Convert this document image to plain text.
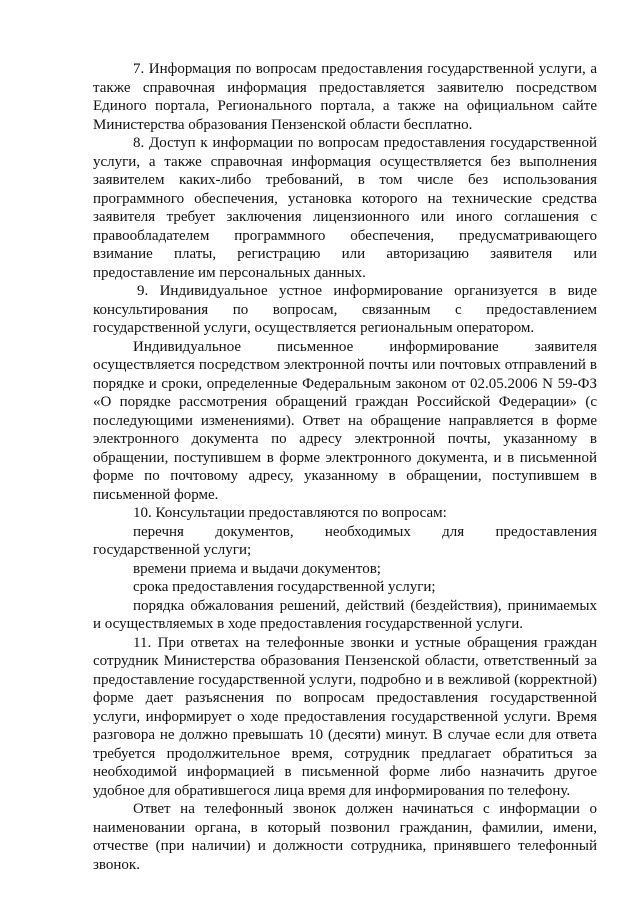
7. Информация по вопросам предоставления государственной услуги, а также справочная информация предоставляется заявителю посредством Единого портала, Регионального портала, а также на официальном сайте Министерства образования Пензенской области бесплатно.

8. Доступ к информации по вопросам предоставления государственной услуги, а также справочная информация осуществляется без выполнения заявителем каких-либо требований, в том числе без использования программного обеспечения, установка которого на технические средства заявителя требует заключения лицензионного или иного соглашения с правообладателем программного обеспечения, предусматривающего взимание платы, регистрацию или авторизацию заявителя или предоставление им персональных данных.

9. Индивидуальное устное информирование организуется в виде консультирования по вопросам, связанным с предоставлением государственной услуги, осуществляется региональным оператором.

Индивидуальное письменное информирование заявителя осуществляется посредством электронной почты или почтовых отправлений в порядке и сроки, определенные Федеральным законом от 02.05.2006 N 59-ФЗ «О порядке рассмотрения обращений граждан Российской Федерации» (с последующими изменениями). Ответ на обращение направляется в форме электронного документа по адресу электронной почты, указанному в обращении, поступившем в форме электронного документа, и в письменной форме по почтовому адресу, указанному в обращении, поступившем в письменной форме.

10. Консультации предоставляются по вопросам:

перечня документов, необходимых для предоставления государственной услуги;

времени приема и выдачи документов;

срока предоставления государственной услуги;

порядка обжалования решений, действий (бездействия), принимаемых и осуществляемых в ходе предоставления государственной услуги.

11. При ответах на телефонные звонки и устные обращения граждан сотрудник Министерства образования Пензенской области, ответственный за предоставление государственной услуги, подробно и в вежливой (корректной) форме дает разъяснения по вопросам предоставления государственной услуги, информирует о ходе предоставления государственной услуги. Время разговора не должно превышать 10 (десяти) минут. В случае если для ответа требуется продолжительное время, сотрудник предлагает обратиться за необходимой информацией в письменной форме либо назначить другое удобное для обратившегося лица время для информирования по телефону.

Ответ на телефонный звонок должен начинаться с информации о наименовании органа, в который позвонил гражданин, фамилии, имени, отчестве (при наличии) и должности сотрудника, принявшего телефонный звонок.
